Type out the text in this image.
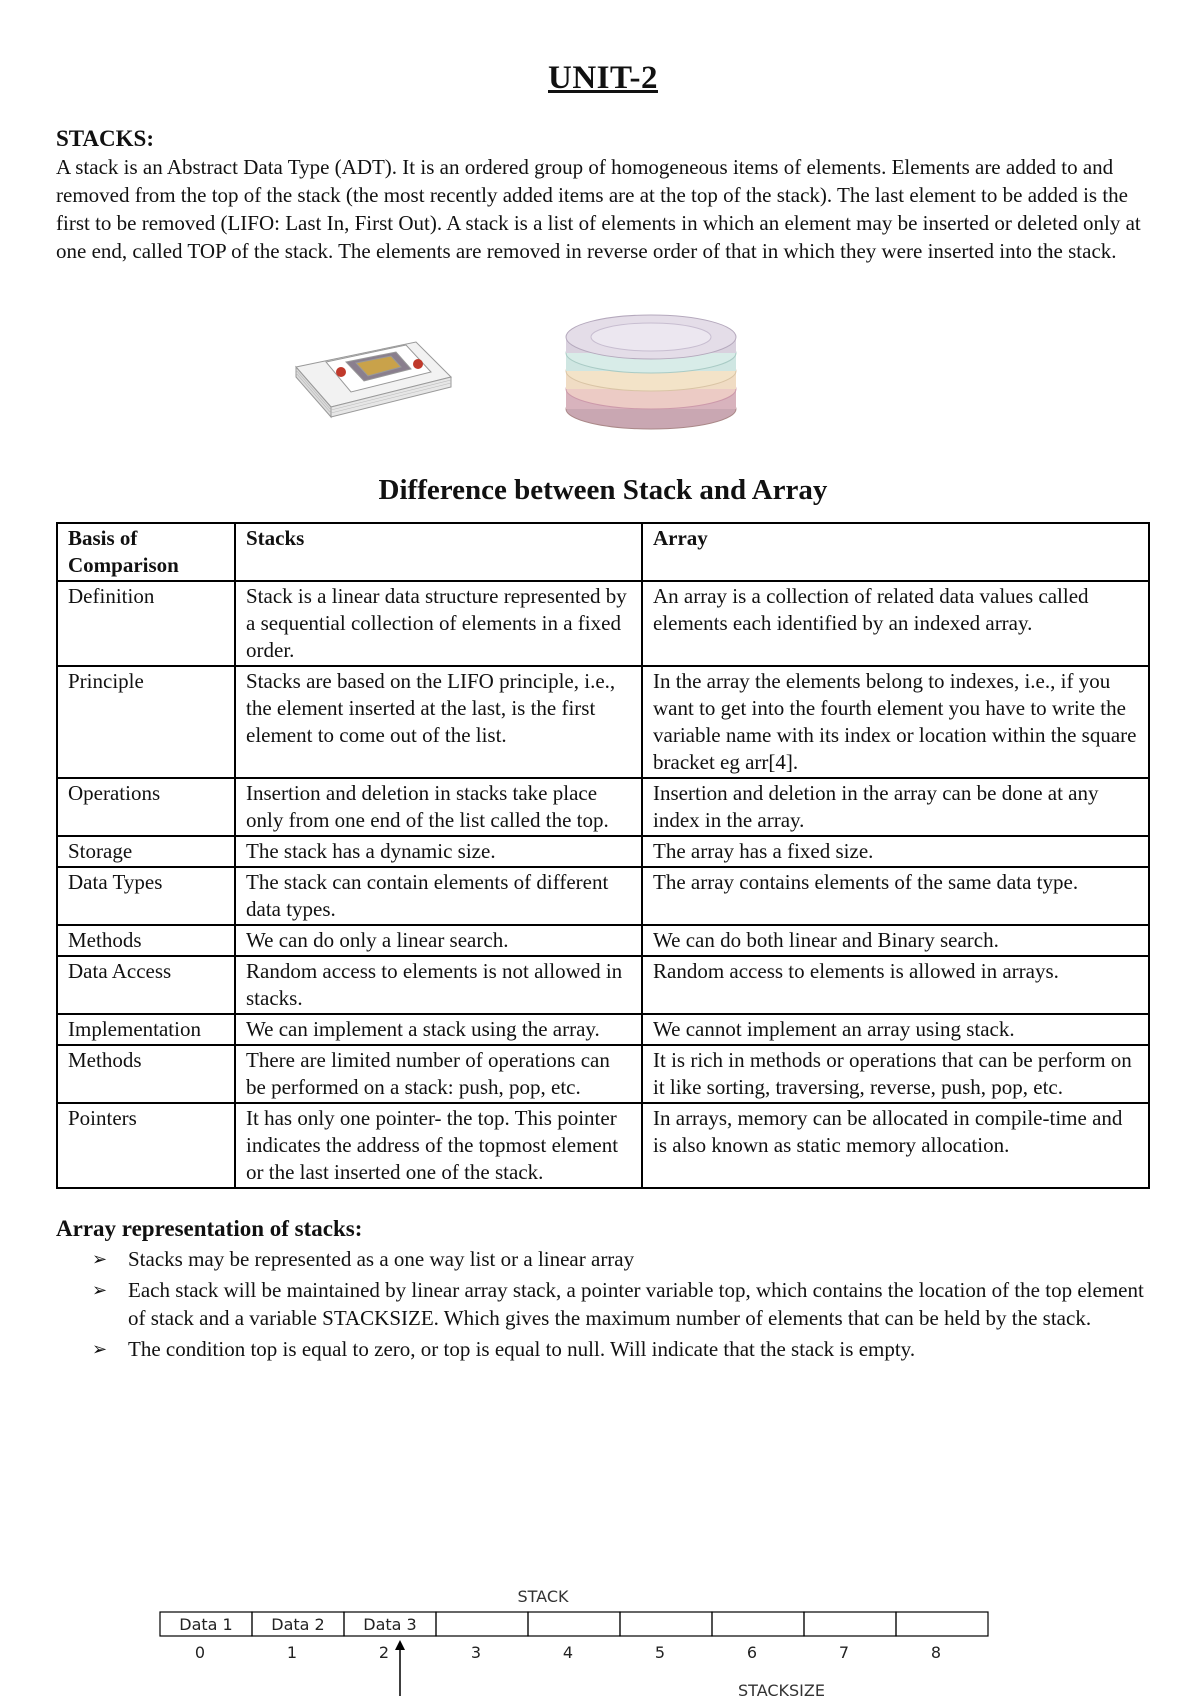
UNIT-2

STACKS:

A stack is an Abstract Data Type (ADT). It is an ordered group of homogeneous items of elements. Elements are added to and removed from the top of the stack (the most recently added items are at the top of the stack). The last element to be added is the first to be removed (LIFO: Last In, First Out). A stack is a list of elements in which an element may be inserted or deleted only at one end, called TOP of the stack. The elements are removed in reverse order of that in which they were inserted into the stack.

Difference between Stack and Array
Basis of Comparison	Stacks	Array
Definition	Stack is a linear data structure represented by a sequential collection of elements in a fixed order.	An array is a collection of related data values called elements each identified by an indexed array.
Principle	Stacks are based on the LIFO principle, i.e., the element inserted at the last, is the first element to come out of the list.	In the array the elements belong to indexes, i.e., if you want to get into the fourth element you have to write the variable name with its index or location within the square bracket eg arr[4].
Operations	Insertion and deletion in stacks take place only from one end of the list called the top.	Insertion and deletion in the array can be done at any index in the array.
Storage	The stack has a dynamic size.	The array has a fixed size.
Data Types	The stack can contain elements of different data types.	The array contains elements of the same data type.
Methods	We can do only a linear search.	We can do both linear and Binary search.
Data Access	Random access to elements is not allowed in stacks.	Random access to elements is allowed in arrays.
Implementation	We can implement a stack using the array.	We cannot implement an array using stack.
Methods	There are limited number of operations can be performed on a stack: push, pop, etc.	It is rich in methods or operations that can be perform on it like sorting, traversing, reverse, push, pop, etc.
Pointers	It has only one pointer- the top. This pointer indicates the address of the topmost element or the last inserted one of the stack.	In arrays, memory can be allocated in compile-time and is also known as static memory allocation.

Array representation of stacks:

➢ Stacks may be represented as a one way list or a linear array
➢ Each stack will be maintained by linear array stack, a pointer variable top, which contains the location of the top element of stack and a variable STACKSIZE. Which gives the maximum number of elements that can be held by the stack.
➢ The condition top is equal to zero, or top is equal to null. Will indicate that the stack is empty.
STACK
Data 1 Data 2 Data 3
0	1	2	3	4	5	6	7	8
STACKSIZE
